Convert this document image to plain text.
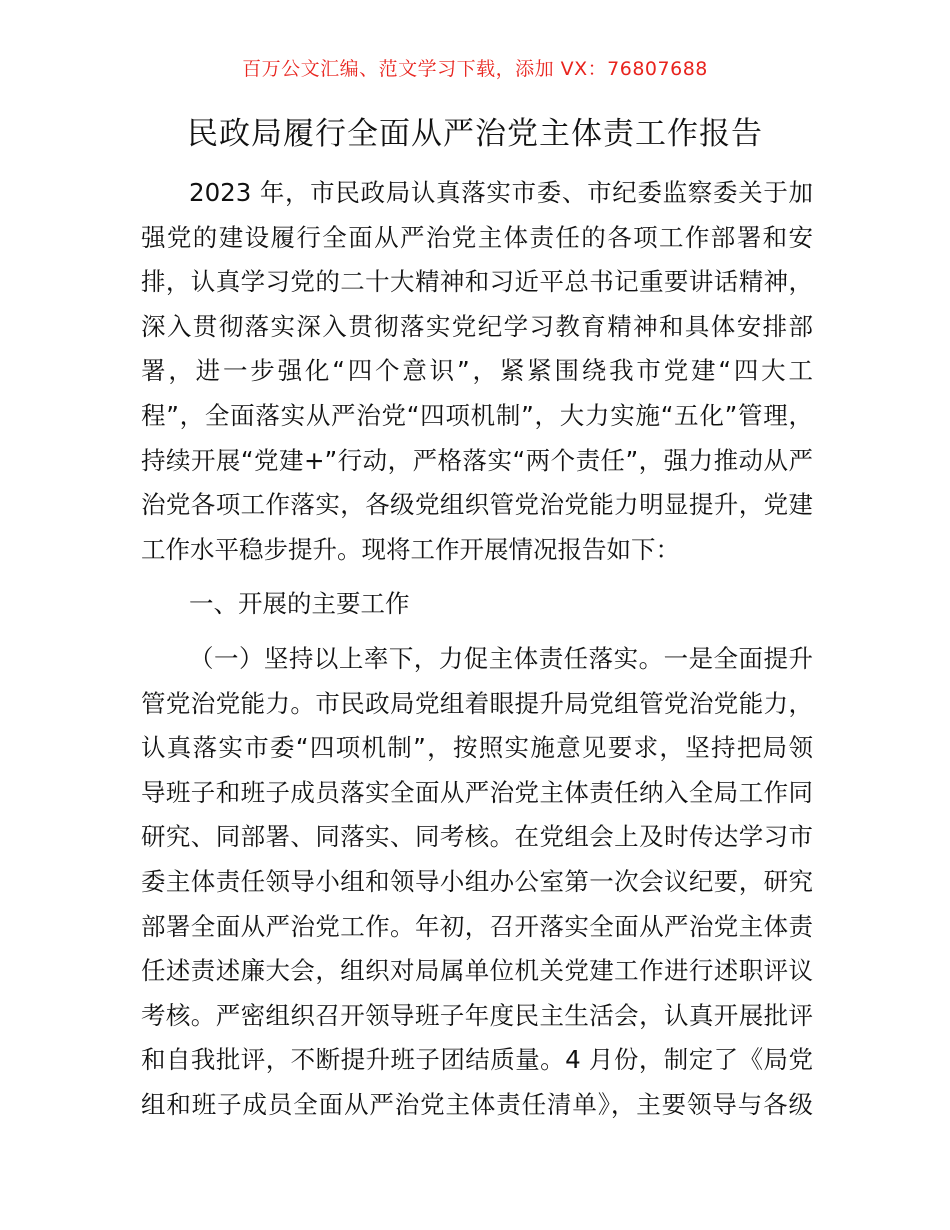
百万公文汇编、范文学习下载，添加 VX：76807688
民政局履行全面从严治党主体责工作报告
2023 年，市民政局认真落实市委、市纪委监察委关于加
强党的建设履行全面从严治党主体责任的各项工作部署和安
排，认真学习党的二十大精神和习近平总书记重要讲话精神，
深入贯彻落实深入贯彻落实党纪学习教育精神和具体安排部
署，进一步强化“四个意识”，紧紧围绕我市党建“四大工
程”，全面落实从严治党“四项机制”，大力实施“五化”管理，
持续开展“党建+”行动，严格落实“两个责任”，强力推动从严
治党各项工作落实，各级党组织管党治党能力明显提升，党建
工作水平稳步提升。现将工作开展情况报告如下：
一、开展的主要工作
（一）坚持以上率下，力促主体责任落实。一是全面提升
管党治党能力。市民政局党组着眼提升局党组管党治党能力，
认真落实市委“四项机制”，按照实施意见要求，坚持把局领
导班子和班子成员落实全面从严治党主体责任纳入全局工作同
研究、同部署、同落实、同考核。在党组会上及时传达学习市
委主体责任领导小组和领导小组办公室第一次会议纪要，研究
部署全面从严治党工作。年初，召开落实全面从严治党主体责
任述责述廉大会，组织对局属单位机关党建工作进行述职评议
考核。严密组织召开领导班子年度民主生活会，认真开展批评
和自我批评，不断提升班子团结质量。4 月份，制定了《局党
组和班子成员全面从严治党主体责任清单》，主要领导与各级
